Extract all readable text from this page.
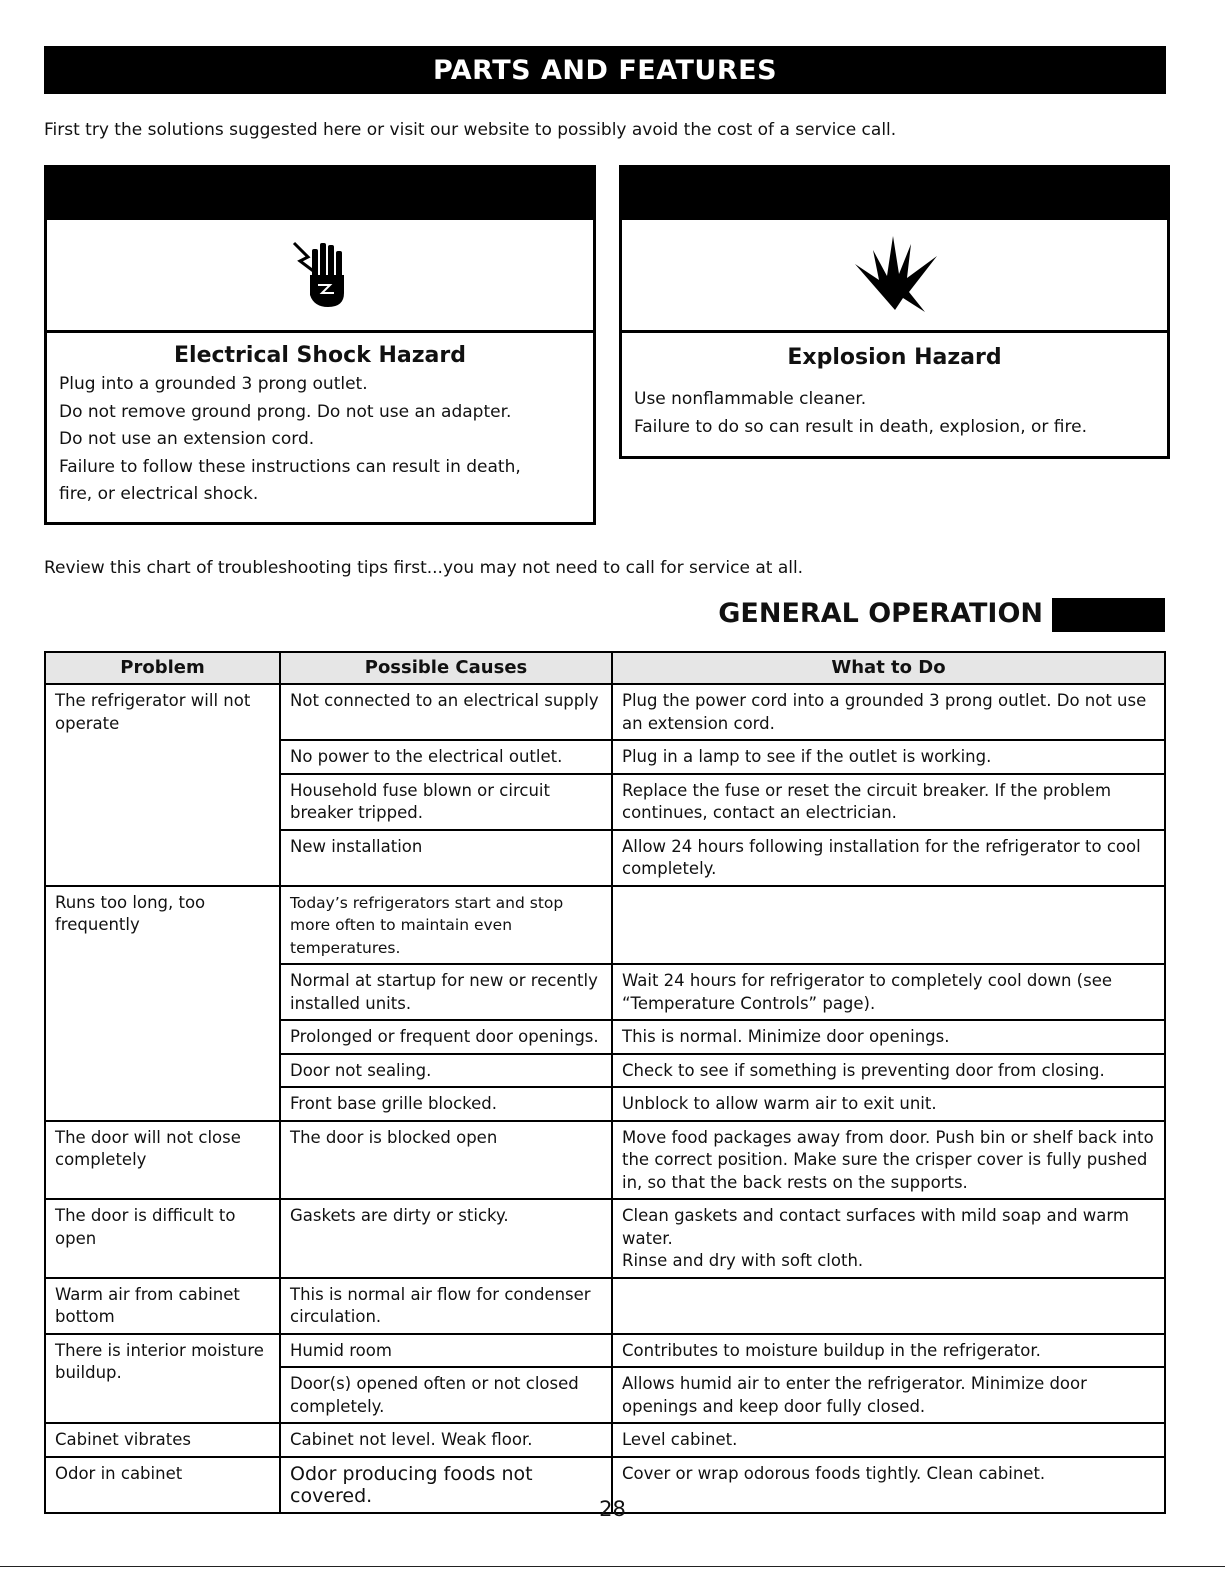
PARTS AND FEATURES
First try the solutions suggested here or visit our website to possibly avoid the cost of a service call.
Electrical Shock Hazard
Plug into a grounded 3 prong outlet.
Do not remove ground prong. Do not use an adapter.
Do not use an extension cord.
Failure to follow these instructions can result in death,
fire, or electrical shock.
Explosion Hazard
Use nonflammable cleaner.
Failure to do so can result in death, explosion, or fire.
Review this chart of troubleshooting tips first...you may not need to call for service at all.
GENERAL OPERATION
Problem	Possible Causes	What to Do
The refrigerator will not operate	Not connected to an electrical supply	Plug the power cord into a grounded 3 prong outlet. Do not use an extension cord.
	No power to the electrical outlet.	Plug in a lamp to see if the outlet is working.
	Household fuse blown or circuit breaker tripped.	Replace the fuse or reset the circuit breaker. If the problem continues, contact an electrician.
	New installation	Allow 24 hours following installation for the refrigerator to cool completely.
Runs too long, too frequently	Today’s refrigerators start and stop more often to maintain even temperatures.	
	Normal at startup for new or recently installed units.	Wait 24 hours for refrigerator to completely cool down (see “Temperature Controls” page).
	Prolonged or frequent door openings.	This is normal. Minimize door openings.
	Door not sealing.	Check to see if something is preventing door from closing.
	Front base grille blocked.	Unblock to allow warm air to exit unit.
The door will not close completely	The door is blocked open	Move food packages away from door. Push bin or shelf back into the correct position. Make sure the crisper cover is fully pushed in, so that the back rests on the supports.
The door is difficult to open	Gaskets are dirty or sticky.	Clean gaskets and contact surfaces with mild soap and warm water.
Rinse and dry with soft cloth.
Warm air from cabinet bottom	This is normal air flow for condenser circulation.	
There is interior moisture buildup.	Humid room	Contributes to moisture buildup in the refrigerator.
	Door(s) opened often or not closed completely.	Allows humid air to enter the refrigerator. Minimize door openings and keep door fully closed.
Cabinet vibrates	Cabinet not level. Weak floor.	Level cabinet.
Odor in cabinet	Odor producing foods not covered.	Cover or wrap odorous foods tightly. Clean cabinet.
28
